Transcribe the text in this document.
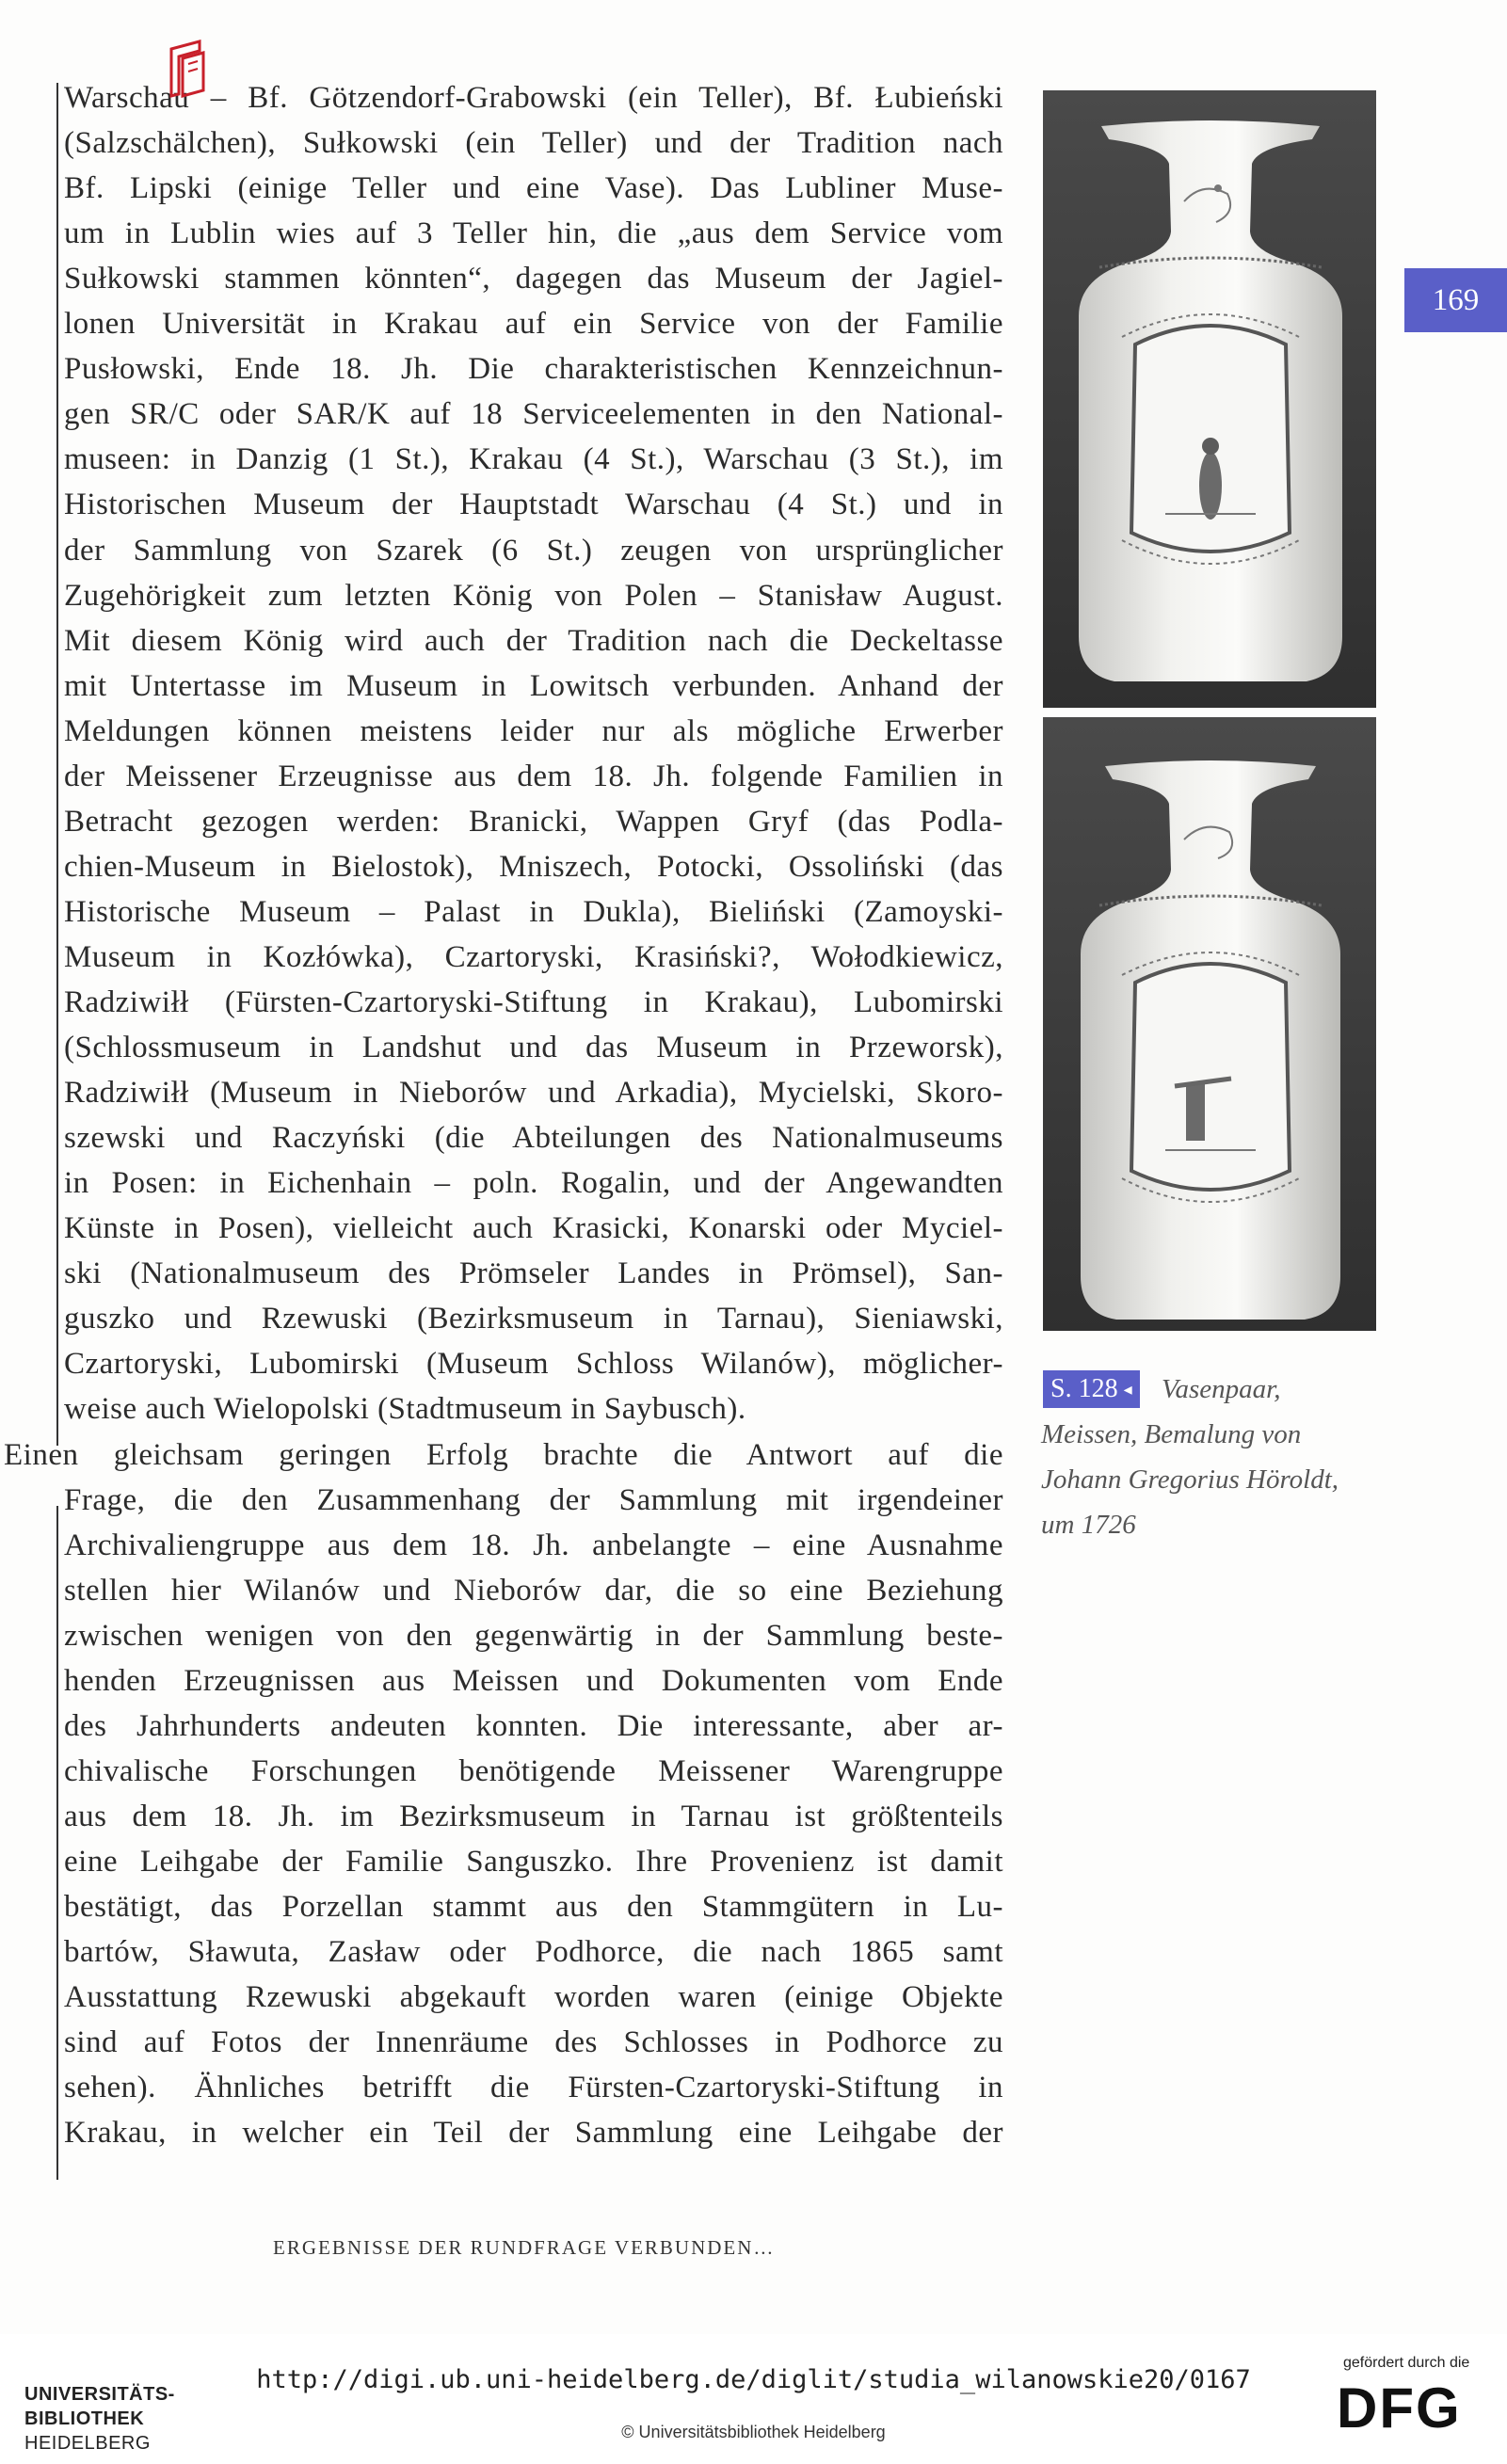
Warschau – Bf. Götzendorf-Grabowski (ein Teller), Bf. Łubieński
(Salzschälchen), Sułkowski (ein Teller) und der Tradition nach
Bf. Lipski (einige Teller und eine Vase). Das Lubliner Muse-
um in Lublin wies auf 3 Teller hin, die „aus dem Service vom
Sułkowski stammen könnten“, dagegen das Museum der Jagiel-
lonen Universität in Krakau auf ein Service von der Familie
Pusłowski, Ende 18. Jh. Die charakteristischen Kennzeichnun-
gen SR/C oder SAR/K auf 18 Serviceelementen in den National-
museen: in Danzig (1 St.), Krakau (4 St.), Warschau (3 St.), im
Historischen Museum der Hauptstadt Warschau (4 St.) und in
der Sammlung von Szarek (6 St.) zeugen von ursprünglicher
Zugehörigkeit zum letzten König von Polen – Stanisław August.
Mit diesem König wird auch der Tradition nach die Deckeltasse
mit Untertasse im Museum in Lowitsch verbunden. Anhand der
Meldungen können meistens leider nur als mögliche Erwerber
der Meissener Erzeugnisse aus dem 18. Jh. folgende Familien in
Betracht gezogen werden: Branicki, Wappen Gryf (das Podla-
chien-Museum in Bielostok), Mniszech, Potocki, Ossoliński (das
Historische Museum – Palast in Dukla), Bieliński (Zamoyski-
Museum in Kozłówka), Czartoryski, Krasiński?, Wołodkiewicz,
Radziwiłł (Fürsten-Czartoryski-Stiftung in Krakau), Lubomirski
(Schlossmuseum in Landshut und das Museum in Przeworsk),
Radziwiłł (Museum in Nieborów und Arkadia), Mycielski, Skoro-
szewski und Raczyński (die Abteilungen des Nationalmuseums
in Posen: in Eichenhain – poln. Rogalin, und der Angewandten
Künste in Posen), vielleicht auch Krasicki, Konarski oder Myciel-
ski (Nationalmuseum des Prömseler Landes in Prömsel), San-
guszko und Rzewuski (Bezirksmuseum in Tarnau), Sieniawski,
Czartoryski, Lubomirski (Museum Schloss Wilanów), möglicher-
weise auch Wielopolski (Stadtmuseum in Saybusch).
Einen gleichsam geringen Erfolg brachte die Antwort auf die
Frage, die den Zusammenhang der Sammlung mit irgendeiner
Archivaliengruppe aus dem 18. Jh. anbelangte – eine Ausnahme
stellen hier Wilanów und Nieborów dar, die so eine Beziehung
zwischen wenigen von den gegenwärtig in der Sammlung beste-
henden Erzeugnissen aus Meissen und Dokumenten vom Ende
des Jahrhunderts andeuten konnten. Die interessante, aber ar-
chivalische Forschungen benötigende Meissener Warengruppe
aus dem 18. Jh. im Bezirksmuseum in Tarnau ist größtenteils
eine Leihgabe der Familie Sanguszko. Ihre Provenienz ist damit
bestätigt, das Porzellan stammt aus den Stammgütern in Lu-
bartów, Sławuta, Zasław oder Podhorce, die nach 1865 samt
Ausstattung Rzewuski abgekauft worden waren (einige Objekte
sind auf Fotos der Innenräume des Schlosses in Podhorce zu
sehen). Ähnliches betrifft die Fürsten-Czartoryski-Stiftung in
Krakau, in welcher ein Teil der Sammlung eine Leihgabe der
169
S. 128 ◂ Vasenpaar,
Meissen, Bemalung von
Johann Gregorius Höroldt,
um 1726
ERGEBNISSE DER RUNDFRAGE VERBUNDEN…
UNIVERSITÄTS-
BIBLIOTHEK
HEIDELBERG
http://digi.ub.uni-heidelberg.de/diglit/studia_wilanowskie20/0167
© Universitätsbibliothek Heidelberg
gefördert durch die
DFG
